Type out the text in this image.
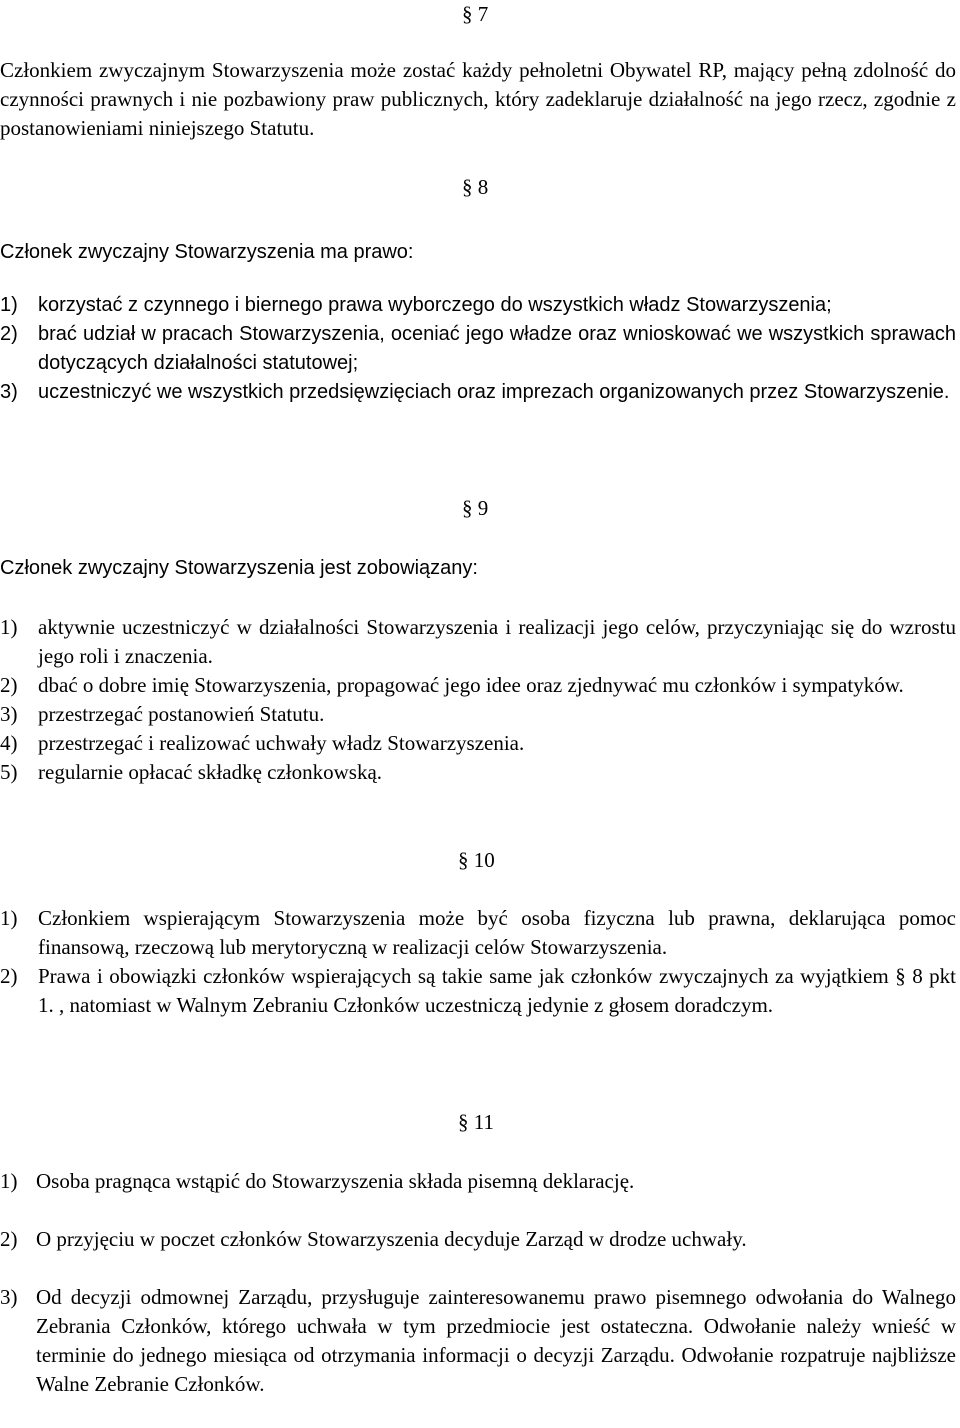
§ 7
Członkiem zwyczajnym Stowarzyszenia może zostać każdy pełnoletni Obywatel RP, mający pełną zdolność do czynności prawnych i nie pozbawiony praw publicznych, który zadeklaruje działalność na jego rzecz, zgodnie z postanowieniami niniejszego Statutu.
§ 8
Członek zwyczajny Stowarzyszenia ma prawo:
1)	korzystać z czynnego i biernego prawa wyborczego do wszystkich władz Stowarzyszenia;
2)	brać udział w pracach Stowarzyszenia, oceniać jego władze oraz wnioskować we wszystkich sprawach dotyczących działalności statutowej;
3)	uczestniczyć we wszystkich przedsięwzięciach oraz imprezach organizowanych przez Stowarzyszenie.
§ 9
Członek zwyczajny Stowarzyszenia jest zobowiązany:
1) aktywnie uczestniczyć w działalności Stowarzyszenia i realizacji jego celów, przyczyniając się do wzrostu jego roli i znaczenia.
2) dbać o dobre imię Stowarzyszenia, propagować jego idee oraz zjednywać mu członków i sympatyków.
3) przestrzegać postanowień Statutu.
4) przestrzegać i realizować uchwały władz Stowarzyszenia.
5) regularnie opłacać składkę członkowską.
§ 10
1) Członkiem wspierającym Stowarzyszenia może być osoba fizyczna lub prawna, deklarująca pomoc finansową, rzeczową lub merytoryczną w realizacji celów Stowarzyszenia.
2) Prawa i obowiązki członków wspierających są takie same jak członków zwyczajnych za wyjątkiem § 8 pkt 1. , natomiast w Walnym Zebraniu Członków uczestniczą jedynie z głosem doradczym.
§ 11
1) Osoba pragnąca wstąpić do Stowarzyszenia składa pisemną deklarację.
2) O przyjęciu w poczet członków Stowarzyszenia decyduje Zarząd w drodze uchwały.
3) Od decyzji odmownej Zarządu, przysługuje zainteresowanemu prawo pisemnego odwołania do Walnego Zebrania Członków, którego uchwała w tym przedmiocie jest ostateczna. Odwołanie należy wnieść w terminie do jednego miesiąca od otrzymania informacji o decyzji Zarządu. Odwołanie rozpatruje najbliższe Walne Zebranie Członków.
